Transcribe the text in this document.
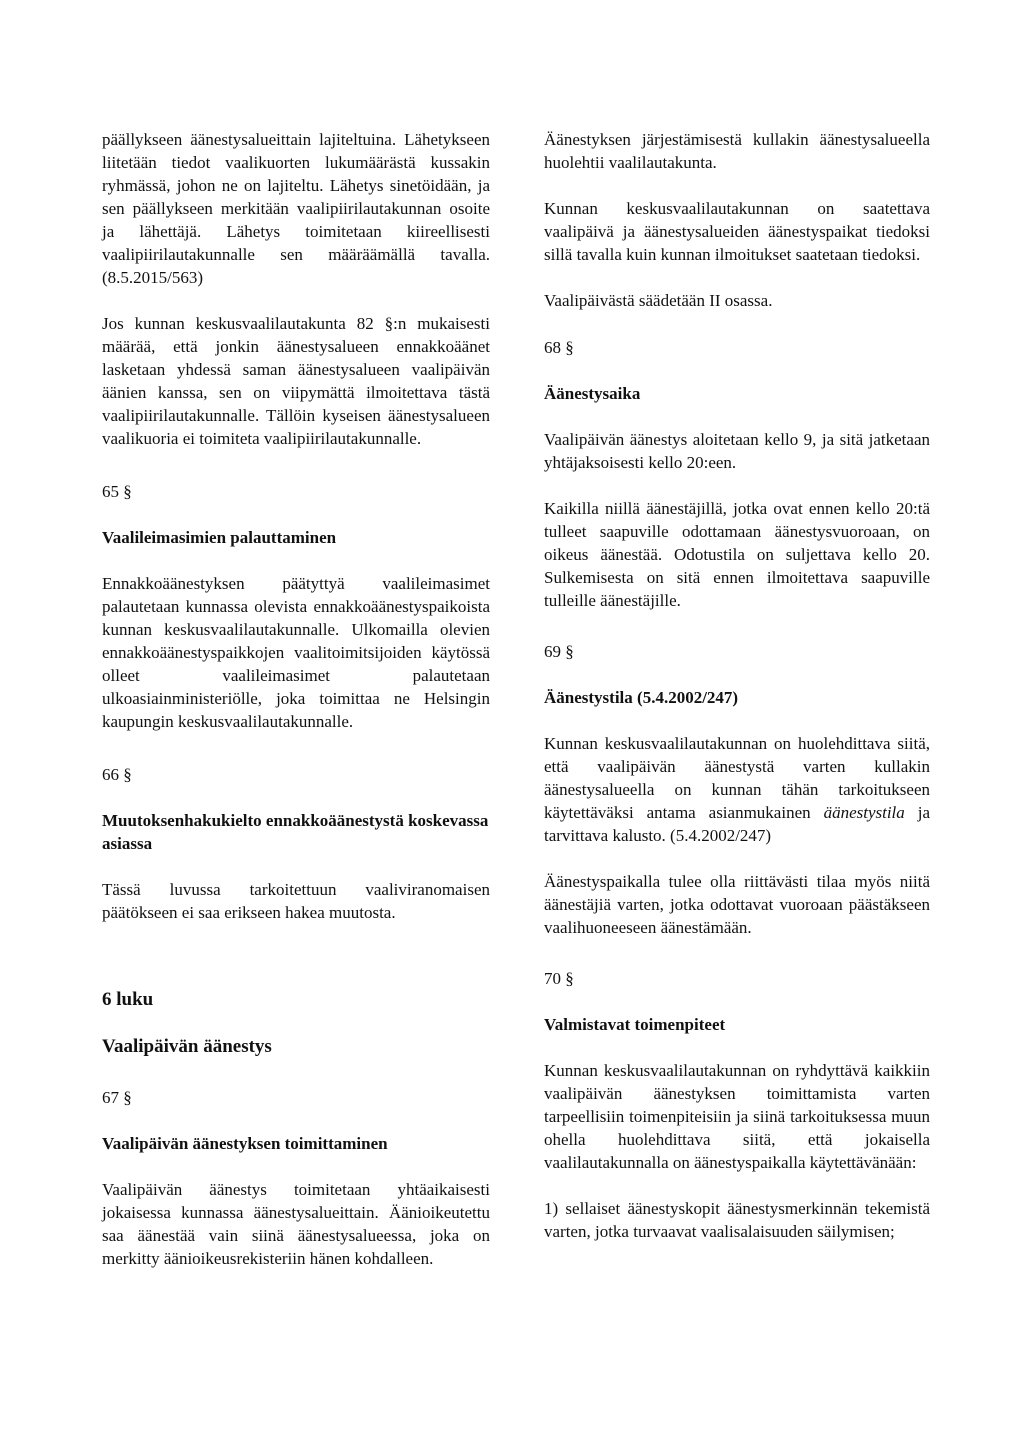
päällykseen äänestysalueittain lajiteltuina. Lähetykseen liitetään tiedot vaalikuorten lukumäärästä kussakin ryhmässä, johon ne on lajiteltu. Lähetys sinetöidään, ja sen päällykseen merkitään vaalipiirilautakunnan osoite ja lähettäjä. Lähetys toimitetaan kiireellisesti vaalipiirilautakunnalle sen määräämällä tavalla. (8.5.2015/563)

Jos kunnan keskusvaalilautakunta 82 §:n mukaisesti määrää, että jonkin äänestysalueen ennakkoäänet lasketaan yhdessä saman äänestysalueen vaalipäivän äänien kanssa, sen on viipymättä ilmoitettava tästä vaalipiirilautakunnalle. Tällöin kyseisen äänestysalueen vaalikuoria ei toimiteta vaalipiirilautakunnalle.

65 §
Vaalileimasimien palauttaminen

Ennakkoäänestyksen päätyttyä vaalileimasimet palautetaan kunnassa olevista ennakkoäänestyspaikoista kunnan keskusvaalilautakunnalle. Ulkomailla olevien ennakkoäänestyspaikkojen vaalitoimitsijoiden käytössä olleet vaalileimasimet palautetaan ulkoasiainministeriölle, joka toimittaa ne Helsingin kaupungin keskusvaalilautakunnalle.

66 §
Muutoksenhakukielto ennakkoäänestystä koskevassa asiassa

Tässä luvussa tarkoitettuun vaaliviranomaisen päätökseen ei saa erikseen hakea muutosta.

6 luku
Vaalipäivän äänestys
67 §
Vaalipäivän äänestyksen toimittaminen

Vaalipäivän äänestys toimitetaan yhtäaikaisesti jokaisessa kunnassa äänestysalueittain. Äänioikeutettu saa äänestää vain siinä äänestysalueessa, joka on merkitty äänioikeusrekisteriin hänen kohdalleen.

Äänestyksen järjestämisestä kullakin äänestysalueella huolehtii vaalilautakunta.

Kunnan keskusvaalilautakunnan on saatettava vaalipäivä ja äänestysalueiden äänestyspaikat tiedoksi sillä tavalla kuin kunnan ilmoitukset saatetaan tiedoksi.

Vaalipäivästä säädetään II osassa.

68 §
Äänestysaika

Vaalipäivän äänestys aloitetaan kello 9, ja sitä jatketaan yhtäjaksoisesti kello 20:een.

Kaikilla niillä äänestäjillä, jotka ovat ennen kello 20:tä tulleet saapuville odottamaan äänestysvuoroaan, on oikeus äänestää. Odotustila on suljettava kello 20. Sulkemisesta on sitä ennen ilmoitettava saapuville tulleille äänestäjille.

69 §
Äänestystila (5.4.2002/247)

Kunnan keskusvaalilautakunnan on huolehdittava siitä, että vaalipäivän äänestystä varten kullakin äänestysalueella on kunnan tähän tarkoitukseen käytettäväksi antama asianmukainen äänestystila ja tarvittava kalusto. (5.4.2002/247)

Äänestyspaikalla tulee olla riittävästi tilaa myös niitä äänestäjiä varten, jotka odottavat vuoroaan päästäkseen vaalihuoneeseen äänestämään.

70 §
Valmistavat toimenpiteet

Kunnan keskusvaalilautakunnan on ryhdyttävä kaikkiin vaalipäivän äänestyksen toimittamista varten tarpeellisiin toimenpiteisiin ja siinä tarkoituksessa muun ohella huolehdittava siitä, että jokaisella vaalilautakunnalla on äänestyspaikalla käytettävänään:

1) sellaiset äänestyskopit äänestysmerkinnän tekemistä varten, jotka turvaavat vaalisalaisuuden säilymisen;
